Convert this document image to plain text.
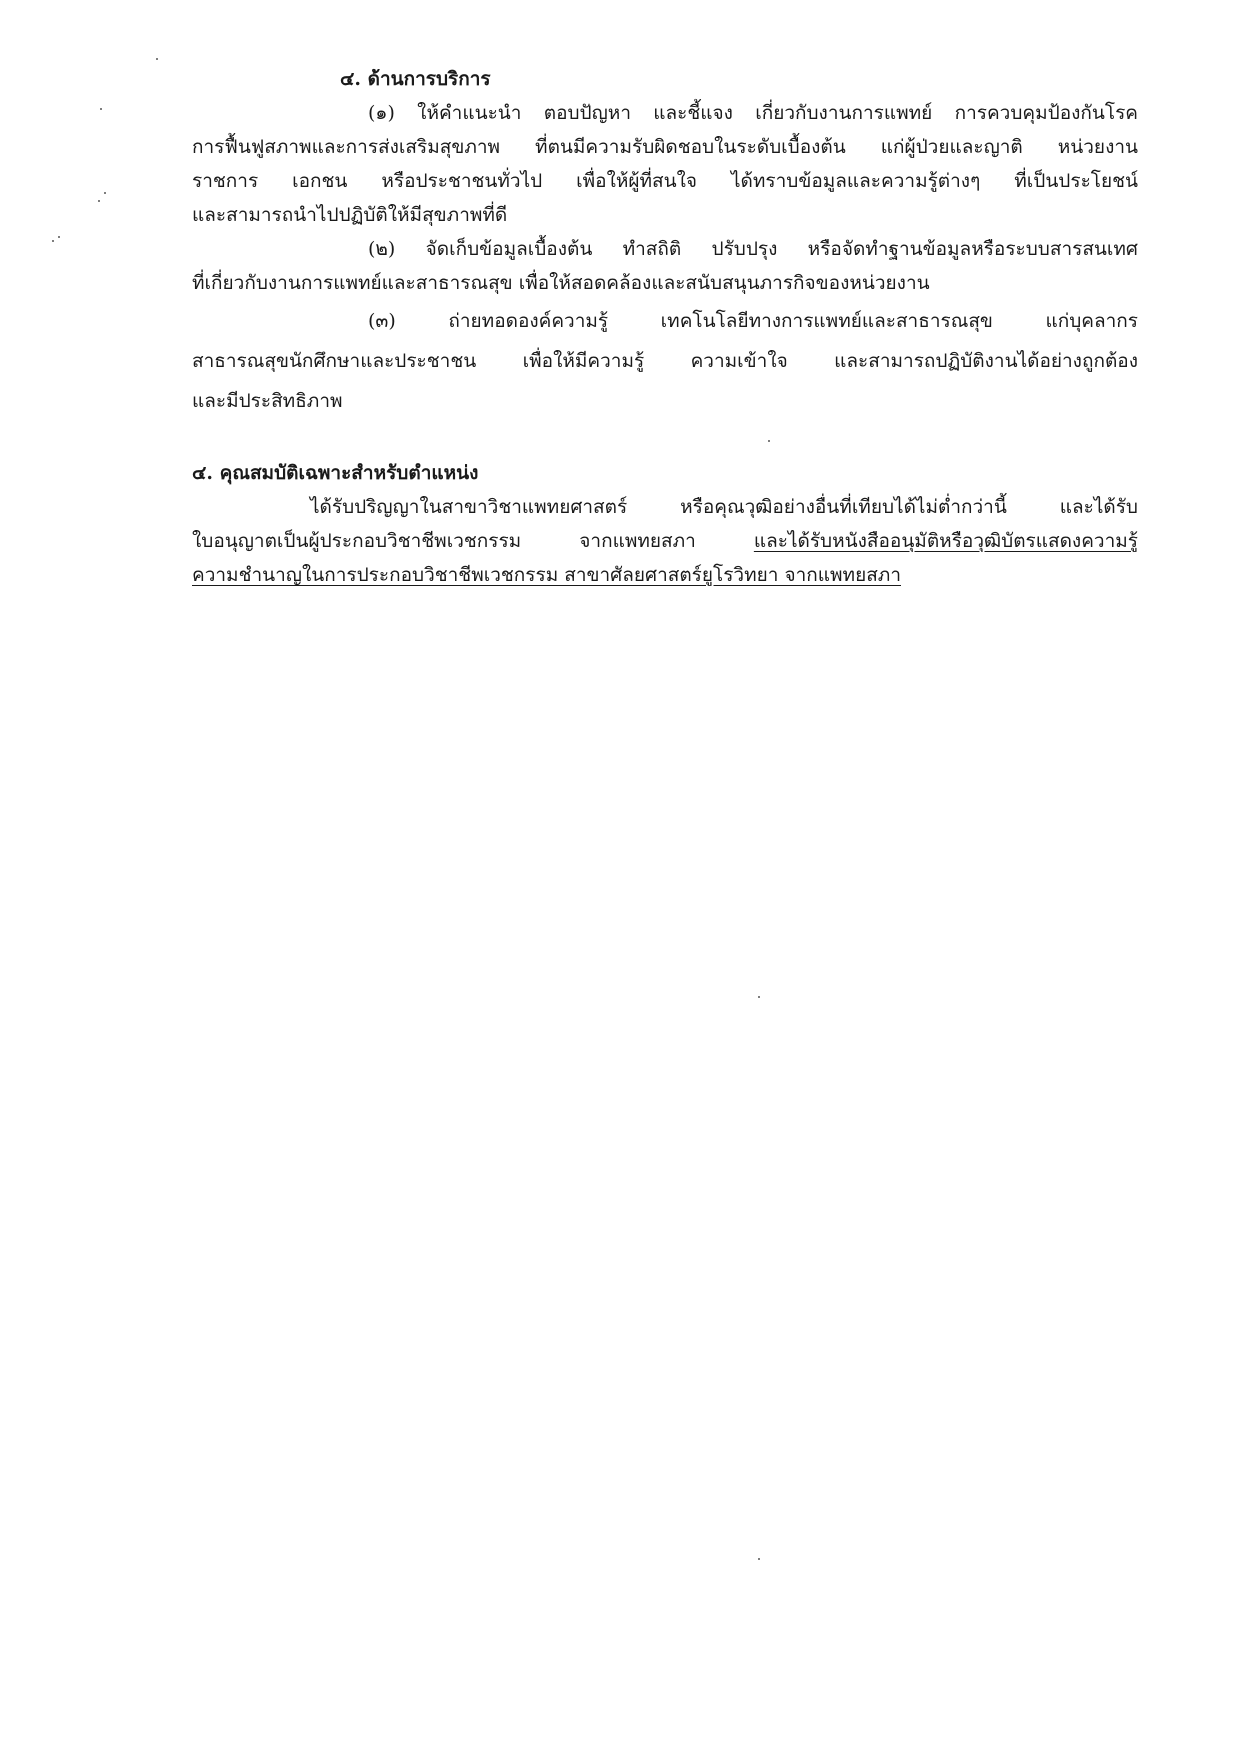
๔. ด้านการบริการ
(๑) ให้คำแนะนำ ตอบปัญหา และชี้แจง เกี่ยวกับงานการแพทย์ การควบคุมป้องกันโรค
การฟื้นฟูสภาพและการส่งเสริมสุขภาพ ที่ตนมีความรับผิดชอบในระดับเบื้องต้น แก่ผู้ป่วยและญาติ หน่วยงาน
ราชการ เอกชน หรือประชาชนทั่วไป เพื่อให้ผู้ที่สนใจ ได้ทราบข้อมูลและความรู้ต่างๆ ที่เป็นประโยชน์
และสามารถนำไปปฏิบัติให้มีสุขภาพที่ดี
(๒) จัดเก็บข้อมูลเบื้องต้น ทำสถิติ ปรับปรุง หรือจัดทำฐานข้อมูลหรือระบบสารสนเทศ
ที่เกี่ยวกับงานการแพทย์และสาธารณสุข เพื่อให้สอดคล้องและสนับสนุนภารกิจของหน่วยงาน
(๓) ถ่ายทอดองค์ความรู้ เทคโนโลยีทางการแพทย์และสาธารณสุข แก่บุคลากร
สาธารณสุขนักศึกษาและประชาชน เพื่อให้มีความรู้ ความเข้าใจ และสามารถปฏิบัติงานได้อย่างถูกต้อง
และมีประสิทธิภาพ
๔. คุณสมบัติเฉพาะสำหรับตำแหน่ง
ได้รับปริญญาในสาขาวิชาแพทยศาสตร์ หรือคุณวุฒิอย่างอื่นที่เทียบได้ไม่ต่ำกว่านี้ และได้รับ
ใบอนุญาตเป็นผู้ประกอบวิชาชีพเวชกรรม จากแพทยสภา และได้รับหนังสืออนุมัติหรือวุฒิบัตรแสดงความรู้
ความชำนาญในการประกอบวิชาชีพเวชกรรม สาขาศัลยศาสตร์ยูโรวิทยา จากแพทยสภา
